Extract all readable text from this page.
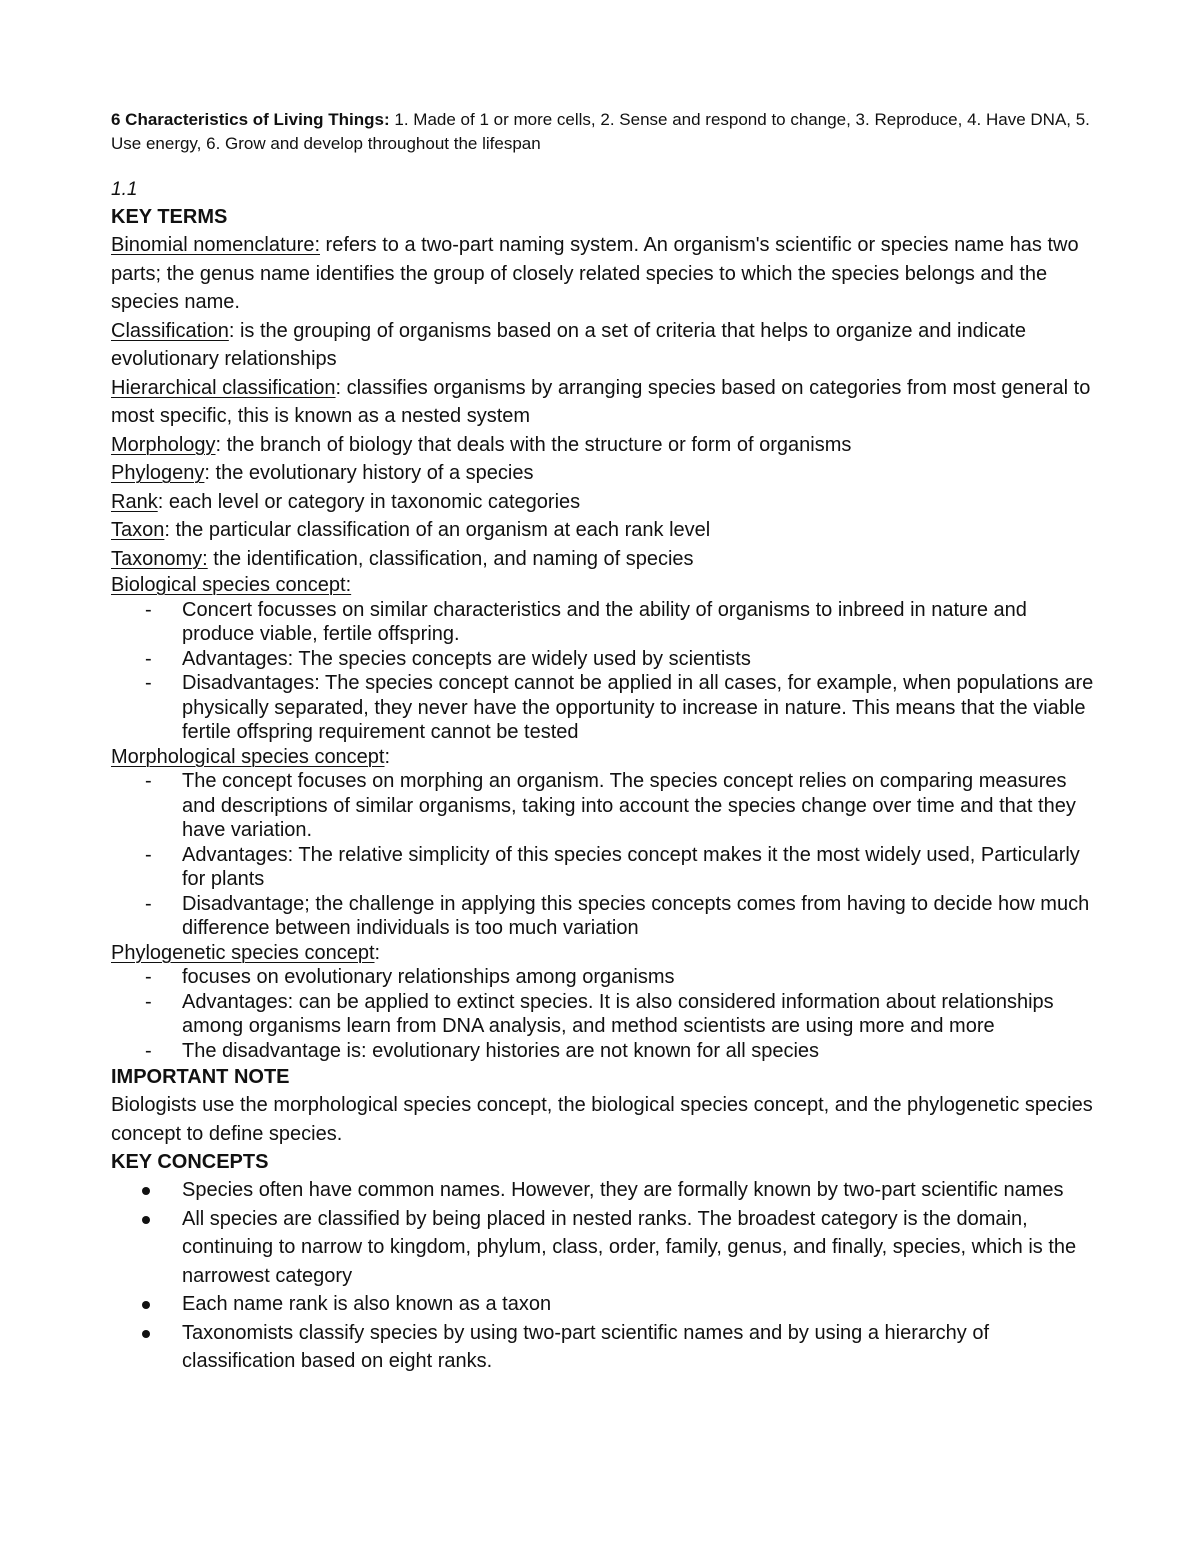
6 Characteristics of Living Things: 1. Made of 1 or more cells, 2. Sense and respond to change, 3. Reproduce, 4. Have DNA, 5. Use energy, 6. Grow and develop throughout the lifespan

1.1

KEY TERMS

Binomial nomenclature: refers to a two-part naming system. An organism's scientific or species name has two parts; the genus name identifies the group of closely related species to which the species belongs and the species name.

Classification: is the grouping of organisms based on a set of criteria that helps to organize and indicate evolutionary relationships

Hierarchical classification: classifies organisms by arranging species based on categories from most general to most specific, this is known as a nested system

Morphology: the branch of biology that deals with the structure or form of organisms

Phylogeny: the evolutionary history of a species

Rank: each level or category in taxonomic categories

Taxon: the particular classification of an organism at each rank level

Taxonomy: the identification, classification, and naming of species

Biological species concept:

- Concert focusses on similar characteristics and the ability of organisms to inbreed in nature and produce viable, fertile offspring.
- Advantages: The species concepts are widely used by scientists
- Disadvantages: The species concept cannot be applied in all cases, for example, when populations are physically separated, they never have the opportunity to increase in nature. This means that the viable fertile offspring requirement cannot be tested

Morphological species concept:

- The concept focuses on morphing an organism. The species concept relies on comparing measures and descriptions of similar organisms, taking into account the species change over time and that they have variation.
- Advantages: The relative simplicity of this species concept makes it the most widely used, Particularly for plants
- Disadvantage; the challenge in applying this species concepts comes from having to decide how much difference between individuals is too much variation

Phylogenetic species concept:

- focuses on evolutionary relationships among organisms
- Advantages: can be applied to extinct species. It is also considered information about relationships among organisms learn from DNA analysis, and method scientists are using more and more
- The disadvantage is: evolutionary histories are not known for all species

IMPORTANT NOTE

Biologists use the morphological species concept, the biological species concept, and the phylogenetic species concept to define species.

KEY CONCEPTS

Species often have common names. However, they are formally known by two-part scientific names
All species are classified by being placed in nested ranks. The broadest category is the domain, continuing to narrow to kingdom, phylum, class, order, family, genus, and finally, species, which is the narrowest category
Each name rank is also known as a taxon
Taxonomists classify species by using two-part scientific names and by using a hierarchy of classification based on eight ranks.
